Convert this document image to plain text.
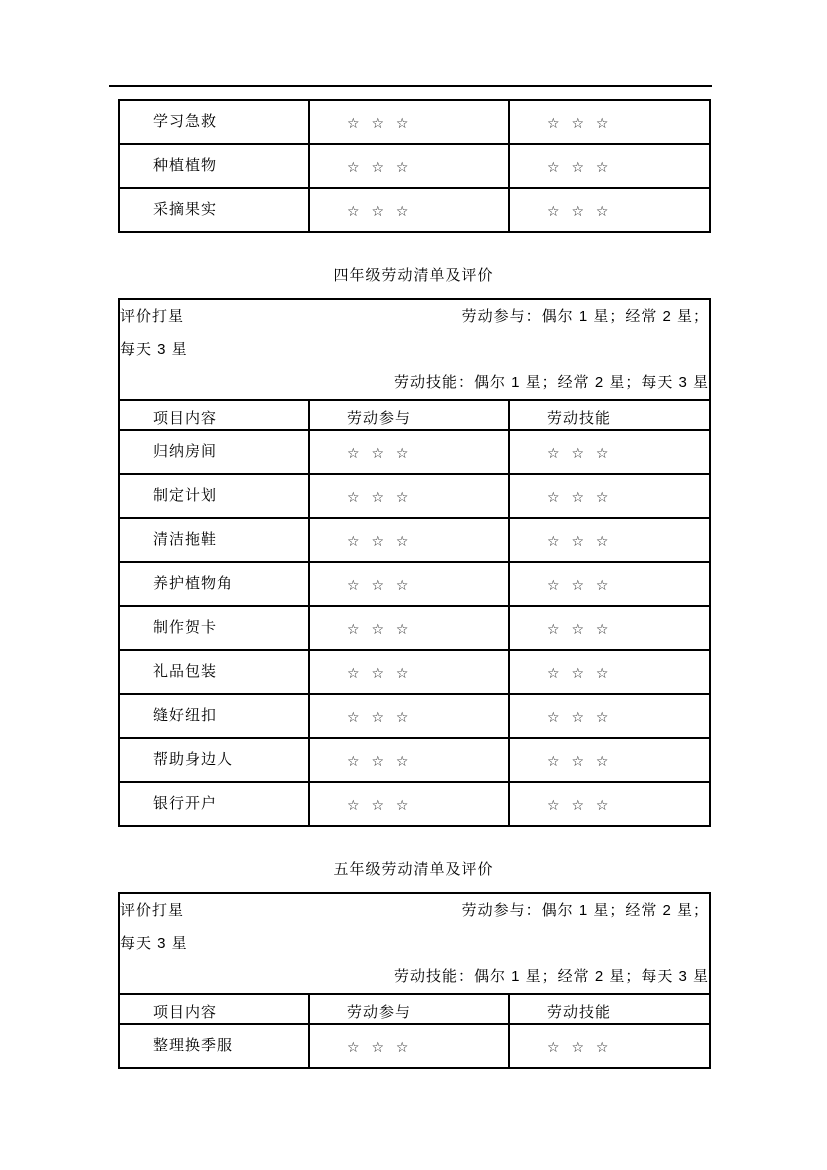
学习急救	☆ ☆ ☆	☆ ☆ ☆

种植植物	☆ ☆ ☆	☆ ☆ ☆

采摘果实	☆ ☆ ☆	☆ ☆ ☆
四年级劳动清单及评价
评价打星 劳动参与：偶尔 1 星；经常 2 星；
每天 3 星
劳动技能：偶尔 1 星；经常 2 星；每天 3 星		

项目内容	劳动参与	劳动技能

归纳房间	☆ ☆ ☆	☆ ☆ ☆

制定计划	☆ ☆ ☆	☆ ☆ ☆

清洁拖鞋	☆ ☆ ☆	☆ ☆ ☆

养护植物角	☆ ☆ ☆	☆ ☆ ☆

制作贺卡	☆ ☆ ☆	☆ ☆ ☆

礼品包装	☆ ☆ ☆	☆ ☆ ☆

缝好纽扣	☆ ☆ ☆	☆ ☆ ☆

帮助身边人	☆ ☆ ☆	☆ ☆ ☆

银行开户	☆ ☆ ☆	☆ ☆ ☆
五年级劳动清单及评价
评价打星 劳动参与：偶尔 1 星；经常 2 星；
每天 3 星
劳动技能：偶尔 1 星；经常 2 星；每天 3 星		

项目内容	劳动参与	劳动技能

整理换季服	☆ ☆ ☆	☆ ☆ ☆
